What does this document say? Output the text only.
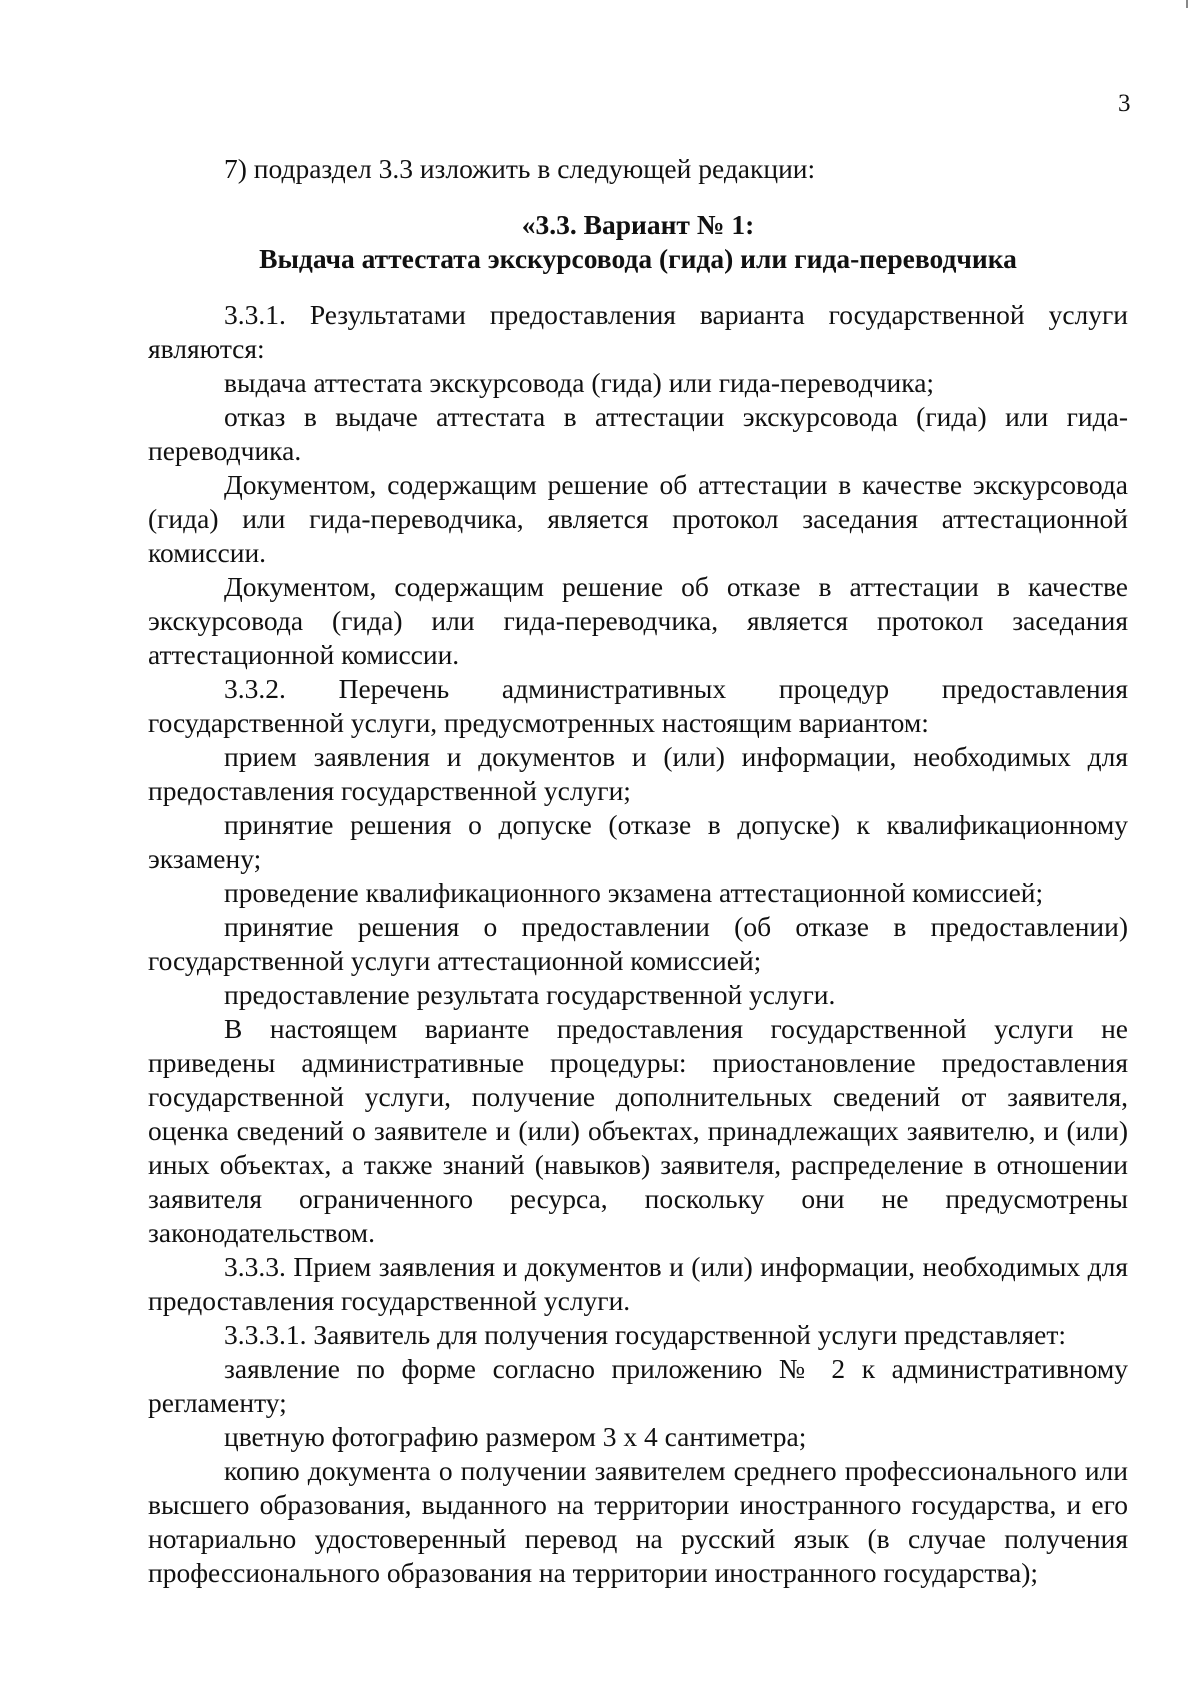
3

7) подраздел 3.3 изложить в следующей редакции:

«3.3. Вариант № 1:

Выдача аттестата экскурсовода (гида) или гида-переводчика

3.3.1. Результатами предоставления варианта государственной услуги являются:

выдача аттестата экскурсовода (гида) или гида-переводчика;

отказ в выдаче аттестата в аттестации экскурсовода (гида) или гида-переводчика.

Документом, содержащим решение об аттестации в качестве экскурсовода (гида) или гида-переводчика, является протокол заседания аттестационной комиссии.

Документом, содержащим решение об отказе в аттестации в качестве экскурсовода (гида) или гида-переводчика, является протокол заседания аттестационной комиссии.

3.3.2. Перечень административных процедур предоставления государственной услуги, предусмотренных настоящим вариантом:

прием заявления и документов и (или) информации, необходимых для предоставления государственной услуги;

принятие решения о допуске (отказе в допуске) к квалификационному экзамену;

проведение квалификационного экзамена аттестационной комиссией;

принятие решения о предоставлении (об отказе в предоставлении) государственной услуги аттестационной комиссией;

предоставление результата государственной услуги.

В настоящем варианте предоставления государственной услуги не приведены административные процедуры: приостановление предоставления государственной услуги, получение дополнительных сведений от заявителя, оценка сведений о заявителе и (или) объектах, принадлежащих заявителю, и (или) иных объектах, а также знаний (навыков) заявителя, распределение в отношении заявителя ограниченного ресурса, поскольку они не предусмотрены законодательством.

3.3.3. Прием заявления и документов и (или) информации, необходимых для предоставления государственной услуги.

3.3.3.1. Заявитель для получения государственной услуги представляет:

заявление по форме согласно приложению № 2 к административному регламенту;

цветную фотографию размером 3 х 4 сантиметра;

копию документа о получении заявителем среднего профессионального или высшего образования, выданного на территории иностранного государства, и его нотариально удостоверенный перевод на русский язык (в случае получения профессионального образования на территории иностранного государства);
